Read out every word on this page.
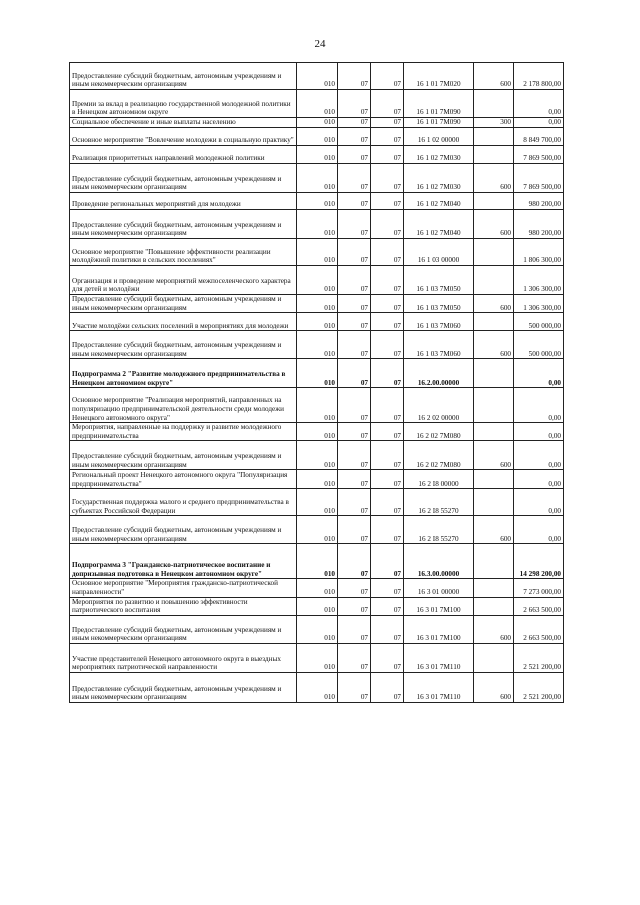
24
Предоставление субсидий бюджетным, автономным учреждениям и иным некоммерческим организациям	010	07	07	16 1 01 7М020	600	2 178 800,00
Премии за вклад в реализацию государственной молодежной политики в Ненецком автономном округе	010	07	07	16 1 01 7М090		0,00
Социальное обеспечение и иные выплаты населению	010	07	07	16 1 01 7М090	300	0,00
Основное мероприятие "Вовлечение молодежи в социальную практику"	010	07	07	16 1 02 00000		8 849 700,00
Реализация приоритетных направлений молодежной политики	010	07	07	16 1 02 7М030		7 869 500,00
Предоставление субсидий бюджетным, автономным учреждениям и иным некоммерческим организациям	010	07	07	16 1 02 7М030	600	7 869 500,00
Проведение региональных мероприятий для молодежи	010	07	07	16 1 02 7М040		980 200,00
Предоставление субсидий бюджетным, автономным учреждениям и иным некоммерческим организациям	010	07	07	16 1 02 7М040	600	980 200,00
Основное мероприятие "Повышение эффективности реализации молодёжной политики в сельских поселениях"	010	07	07	16 1 03 00000		1 806 300,00
Организация и проведение мероприятий межпоселенческого характера для детей и молодёжи	010	07	07	16 1 03 7М050		1 306 300,00
Предоставление субсидий бюджетным, автономным учреждениям и иным некоммерческим организациям	010	07	07	16 1 03 7М050	600	1 306 300,00
Участие молодёжи сельских поселений в мероприятиях для молодежи	010	07	07	16 1 03 7М060		500 000,00
Предоставление субсидий бюджетным, автономным учреждениям и иным некоммерческим организациям	010	07	07	16 1 03 7М060	600	500 000,00
Подпрограмма 2 "Развитие молодежного предпринимательства в Ненецком автономном округе"	010	07	07	16.2.00.00000		0,00
Основное мероприятие "Реализация мероприятий, направленных на популяризацию предпринимательской деятельности среди молодежи Ненецкого автономного округа"	010	07	07	16 2 02 00000		0,00
Мероприятия, направленные на поддержку и развитие молодежного предпринимательства	010	07	07	16 2 02 7М080		0,00
Предоставление субсидий бюджетным, автономным учреждениям и иным некоммерческим организациям	010	07	07	16 2 02 7М080	600	0,00
Региональный проект Ненецкого автономного округа "Популяризация предпринимательства"	010	07	07	16 2 I8 00000		0,00
Государственная поддержка малого и среднего предпринимательства в субъектах Российской Федерации	010	07	07	16 2 I8 55270		0,00
Предоставление субсидий бюджетным, автономным учреждениям и иным некоммерческим организациям	010	07	07	16 2 I8 55270	600	0,00
Подпрограмма 3 "Гражданско-патриотическое воспитание и допризывная подготовка в Ненецком автономном округе"	010	07	07	16.3.00.00000		14 298 200,00
Основное мероприятие "Мероприятия гражданско-патриотической направленности"	010	07	07	16 3 01 00000		7 273 000,00
Мероприятия по развитию и повышению эффективности патриотического воспитания	010	07	07	16 3 01 7М100		2 663 500,00
Предоставление субсидий бюджетным, автономным учреждениям и иным некоммерческим организациям	010	07	07	16 3 01 7М100	600	2 663 500,00
Участие представителей Ненецкого автономного округа в выездных мероприятиях патриотической направленности	010	07	07	16 3 01 7М110		2 521 200,00
Предоставление субсидий бюджетным, автономным учреждениям и иным некоммерческим организациям	010	07	07	16 3 01 7М110	600	2 521 200,00
